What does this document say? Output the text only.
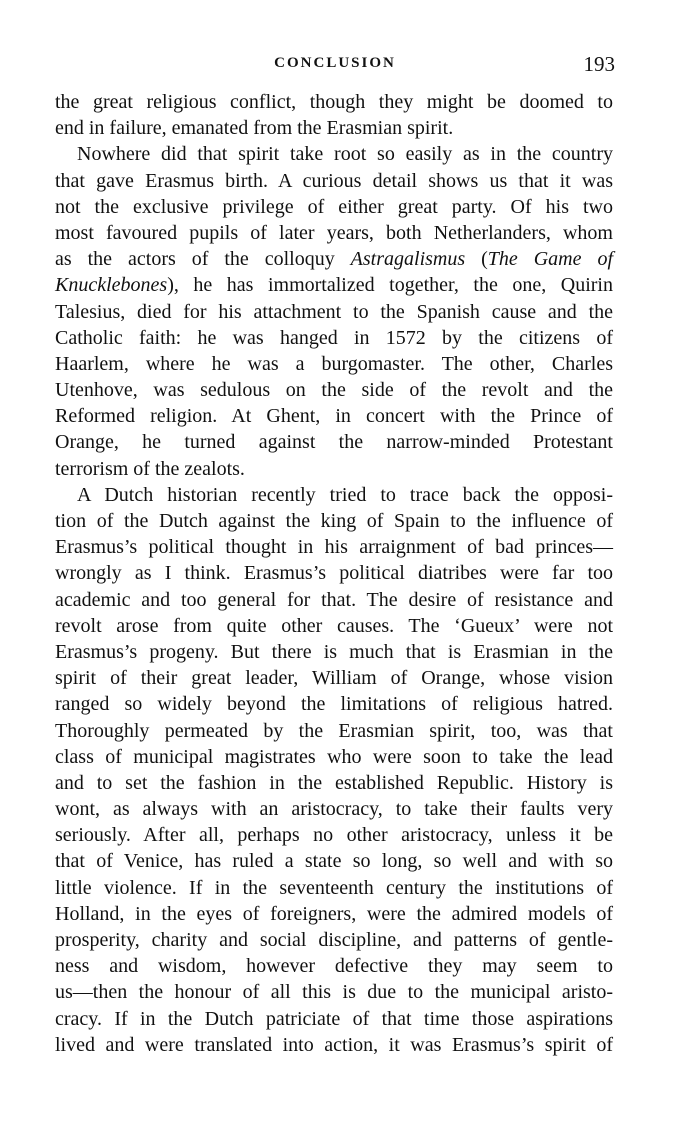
CONCLUSION	193
the great religious conflict, though they might be doomed to
end in failure, emanated from the Erasmian spirit.
Nowhere did that spirit take root so easily as in the country
that gave Erasmus birth. A curious detail shows us that it was
not the exclusive privilege of either great party. Of his two
most favoured pupils of later years, both Netherlanders, whom
as the actors of the colloquy Astragalismus (The Game of
Knucklebones), he has immortalized together, the one, Quirin
Talesius, died for his attachment to the Spanish cause and the
Catholic faith: he was hanged in 1572 by the citizens of
Haarlem, where he was a burgomaster. The other, Charles
Utenhove, was sedulous on the side of the revolt and the
Reformed religion. At Ghent, in concert with the Prince of
Orange, he turned against the narrow-minded Protestant
terrorism of the zealots.
A Dutch historian recently tried to trace back the opposi-
tion of the Dutch against the king of Spain to the influence of
Erasmus’s political thought in his arraignment of bad princes—
wrongly as I think. Erasmus’s political diatribes were far too
academic and too general for that. The desire of resistance and
revolt arose from quite other causes. The ‘Gueux’ were not
Erasmus’s progeny. But there is much that is Erasmian in the
spirit of their great leader, William of Orange, whose vision
ranged so widely beyond the limitations of religious hatred.
Thoroughly permeated by the Erasmian spirit, too, was that
class of municipal magistrates who were soon to take the lead
and to set the fashion in the established Republic. History is
wont, as always with an aristocracy, to take their faults very
seriously. After all, perhaps no other aristocracy, unless it be
that of Venice, has ruled a state so long, so well and with so
little violence. If in the seventeenth century the institutions of
Holland, in the eyes of foreigners, were the admired models of
prosperity, charity and social discipline, and patterns of gentle-
ness and wisdom, however defective they may seem to
us—then the honour of all this is due to the municipal aristo-
cracy. If in the Dutch patriciate of that time those aspirations
lived and were translated into action, it was Erasmus’s spirit of
